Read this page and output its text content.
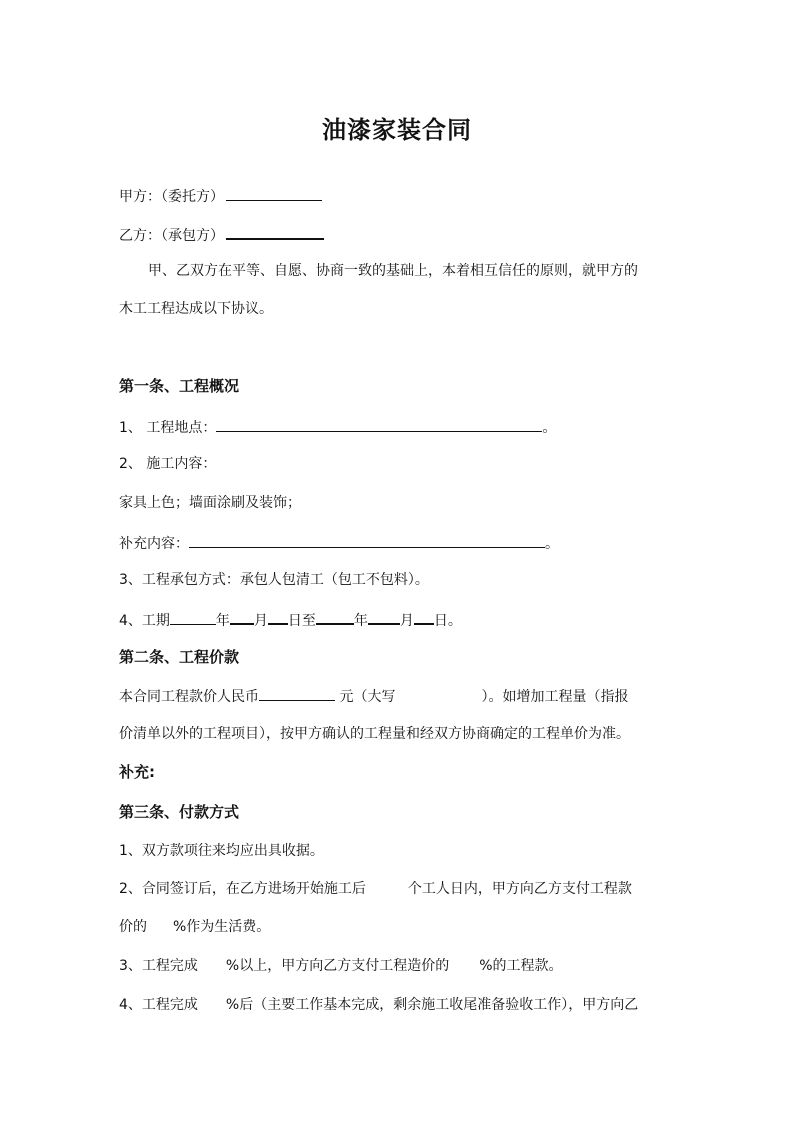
油漆家装合同
甲方：（委托方）
乙方：（承包方）
甲、乙双方在平等、自愿、协商一致的基础上，本着相互信任的原则，就甲方的
木工工程达成以下协议。
第一条、工程概况
1、 工程地点：	。
2、 施工内容：
家具上色；墙面涂刷及装饰；
补充内容：	。
3、工程承包方式：承包人包清工（包工不包料）。
4、工期	年 月 日至	年 月 日。
第二条、工程价款
本合同工程款价人民币	元（大写	）。如增加工程量（指报
价清单以外的工程项目），按甲方确认的工程量和经双方协商确定的工程单价为准。
补充:
第三条、付款方式
1、双方款项往来均应出具收据。
2、合同签订后，在乙方进场开始施工后	个工人日内，甲方向乙方支付工程款
价的 %作为生活费。
3、工程完成 %以上，甲方向乙方支付工程造价的 %的工程款。
4、工程完成 %后（主要工作基本完成，剩余施工收尾准备验收工作），甲方向乙
